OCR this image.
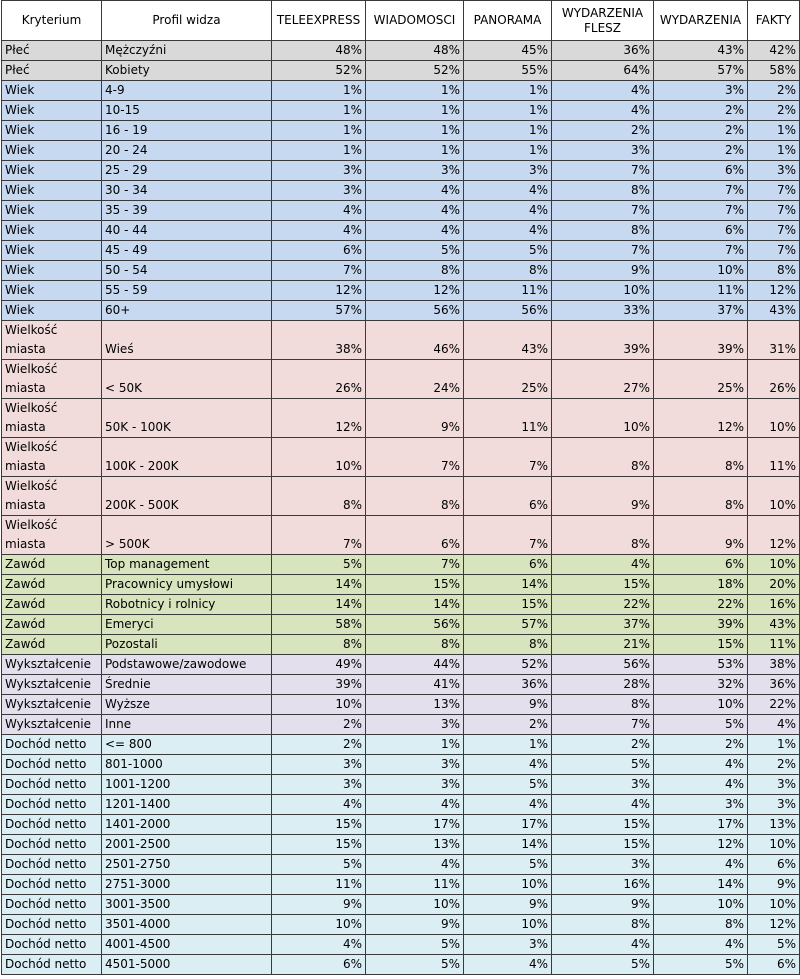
Kryterium	Profil widza	TELEEXPRESS	WIADOMOSCI	PANORAMA	WYDARZENIA FLESZ	WYDARZENIA	FAKTY
Płeć	Mężczyźni	48%	48%	45%	36%	43%	42%
Płeć	Kobiety	52%	52%	55%	64%	57%	58%
Wiek	4-9	1%	1%	1%	4%	3%	2%
Wiek	10-15	1%	1%	1%	4%	2%	2%
Wiek	16 - 19	1%	1%	1%	2%	2%	1%
Wiek	20 - 24	1%	1%	1%	3%	2%	1%
Wiek	25 - 29	3%	3%	3%	7%	6%	3%
Wiek	30 - 34	3%	4%	4%	8%	7%	7%
Wiek	35 - 39	4%	4%	4%	7%	7%	7%
Wiek	40 - 44	4%	4%	4%	8%	6%	7%
Wiek	45 - 49	6%	5%	5%	7%	7%	7%
Wiek	50 - 54	7%	8%	8%	9%	10%	8%
Wiek	55 - 59	12%	12%	11%	10%	11%	12%
Wiek	60+	57%	56%	56%	33%	37%	43%
Wielkość miasta	Wieś	38%	46%	43%	39%	39%	31%
Wielkość miasta	< 50K	26%	24%	25%	27%	25%	26%
Wielkość miasta	50K - 100K	12%	9%	11%	10%	12%	10%
Wielkość miasta	100K - 200K	10%	7%	7%	8%	8%	11%
Wielkość miasta	200K - 500K	8%	8%	6%	9%	8%	10%
Wielkość miasta	> 500K	7%	6%	7%	8%	9%	12%
Zawód	Top management	5%	7%	6%	4%	6%	10%
Zawód	Pracownicy umysłowi	14%	15%	14%	15%	18%	20%
Zawód	Robotnicy i rolnicy	14%	14%	15%	22%	22%	16%
Zawód	Emeryci	58%	56%	57%	37%	39%	43%
Zawód	Pozostali	8%	8%	8%	21%	15%	11%
Wykształcenie	Podstawowe/zawodowe	49%	44%	52%	56%	53%	38%
Wykształcenie	Średnie	39%	41%	36%	28%	32%	36%
Wykształcenie	Wyższe	10%	13%	9%	8%	10%	22%
Wykształcenie	Inne	2%	3%	2%	7%	5%	4%
Dochód netto	<= 800	2%	1%	1%	2%	2%	1%
Dochód netto	801-1000	3%	3%	4%	5%	4%	2%
Dochód netto	1001-1200	3%	3%	5%	3%	4%	3%
Dochód netto	1201-1400	4%	4%	4%	4%	3%	3%
Dochód netto	1401-2000	15%	17%	17%	15%	17%	13%
Dochód netto	2001-2500	15%	13%	14%	15%	12%	10%
Dochód netto	2501-2750	5%	4%	5%	3%	4%	6%
Dochód netto	2751-3000	11%	11%	10%	16%	14%	9%
Dochód netto	3001-3500	9%	10%	9%	9%	10%	10%
Dochód netto	3501-4000	10%	9%	10%	8%	8%	12%
Dochód netto	4001-4500	4%	5%	3%	4%	4%	5%
Dochód netto	4501-5000	6%	5%	4%	5%	5%	6%
